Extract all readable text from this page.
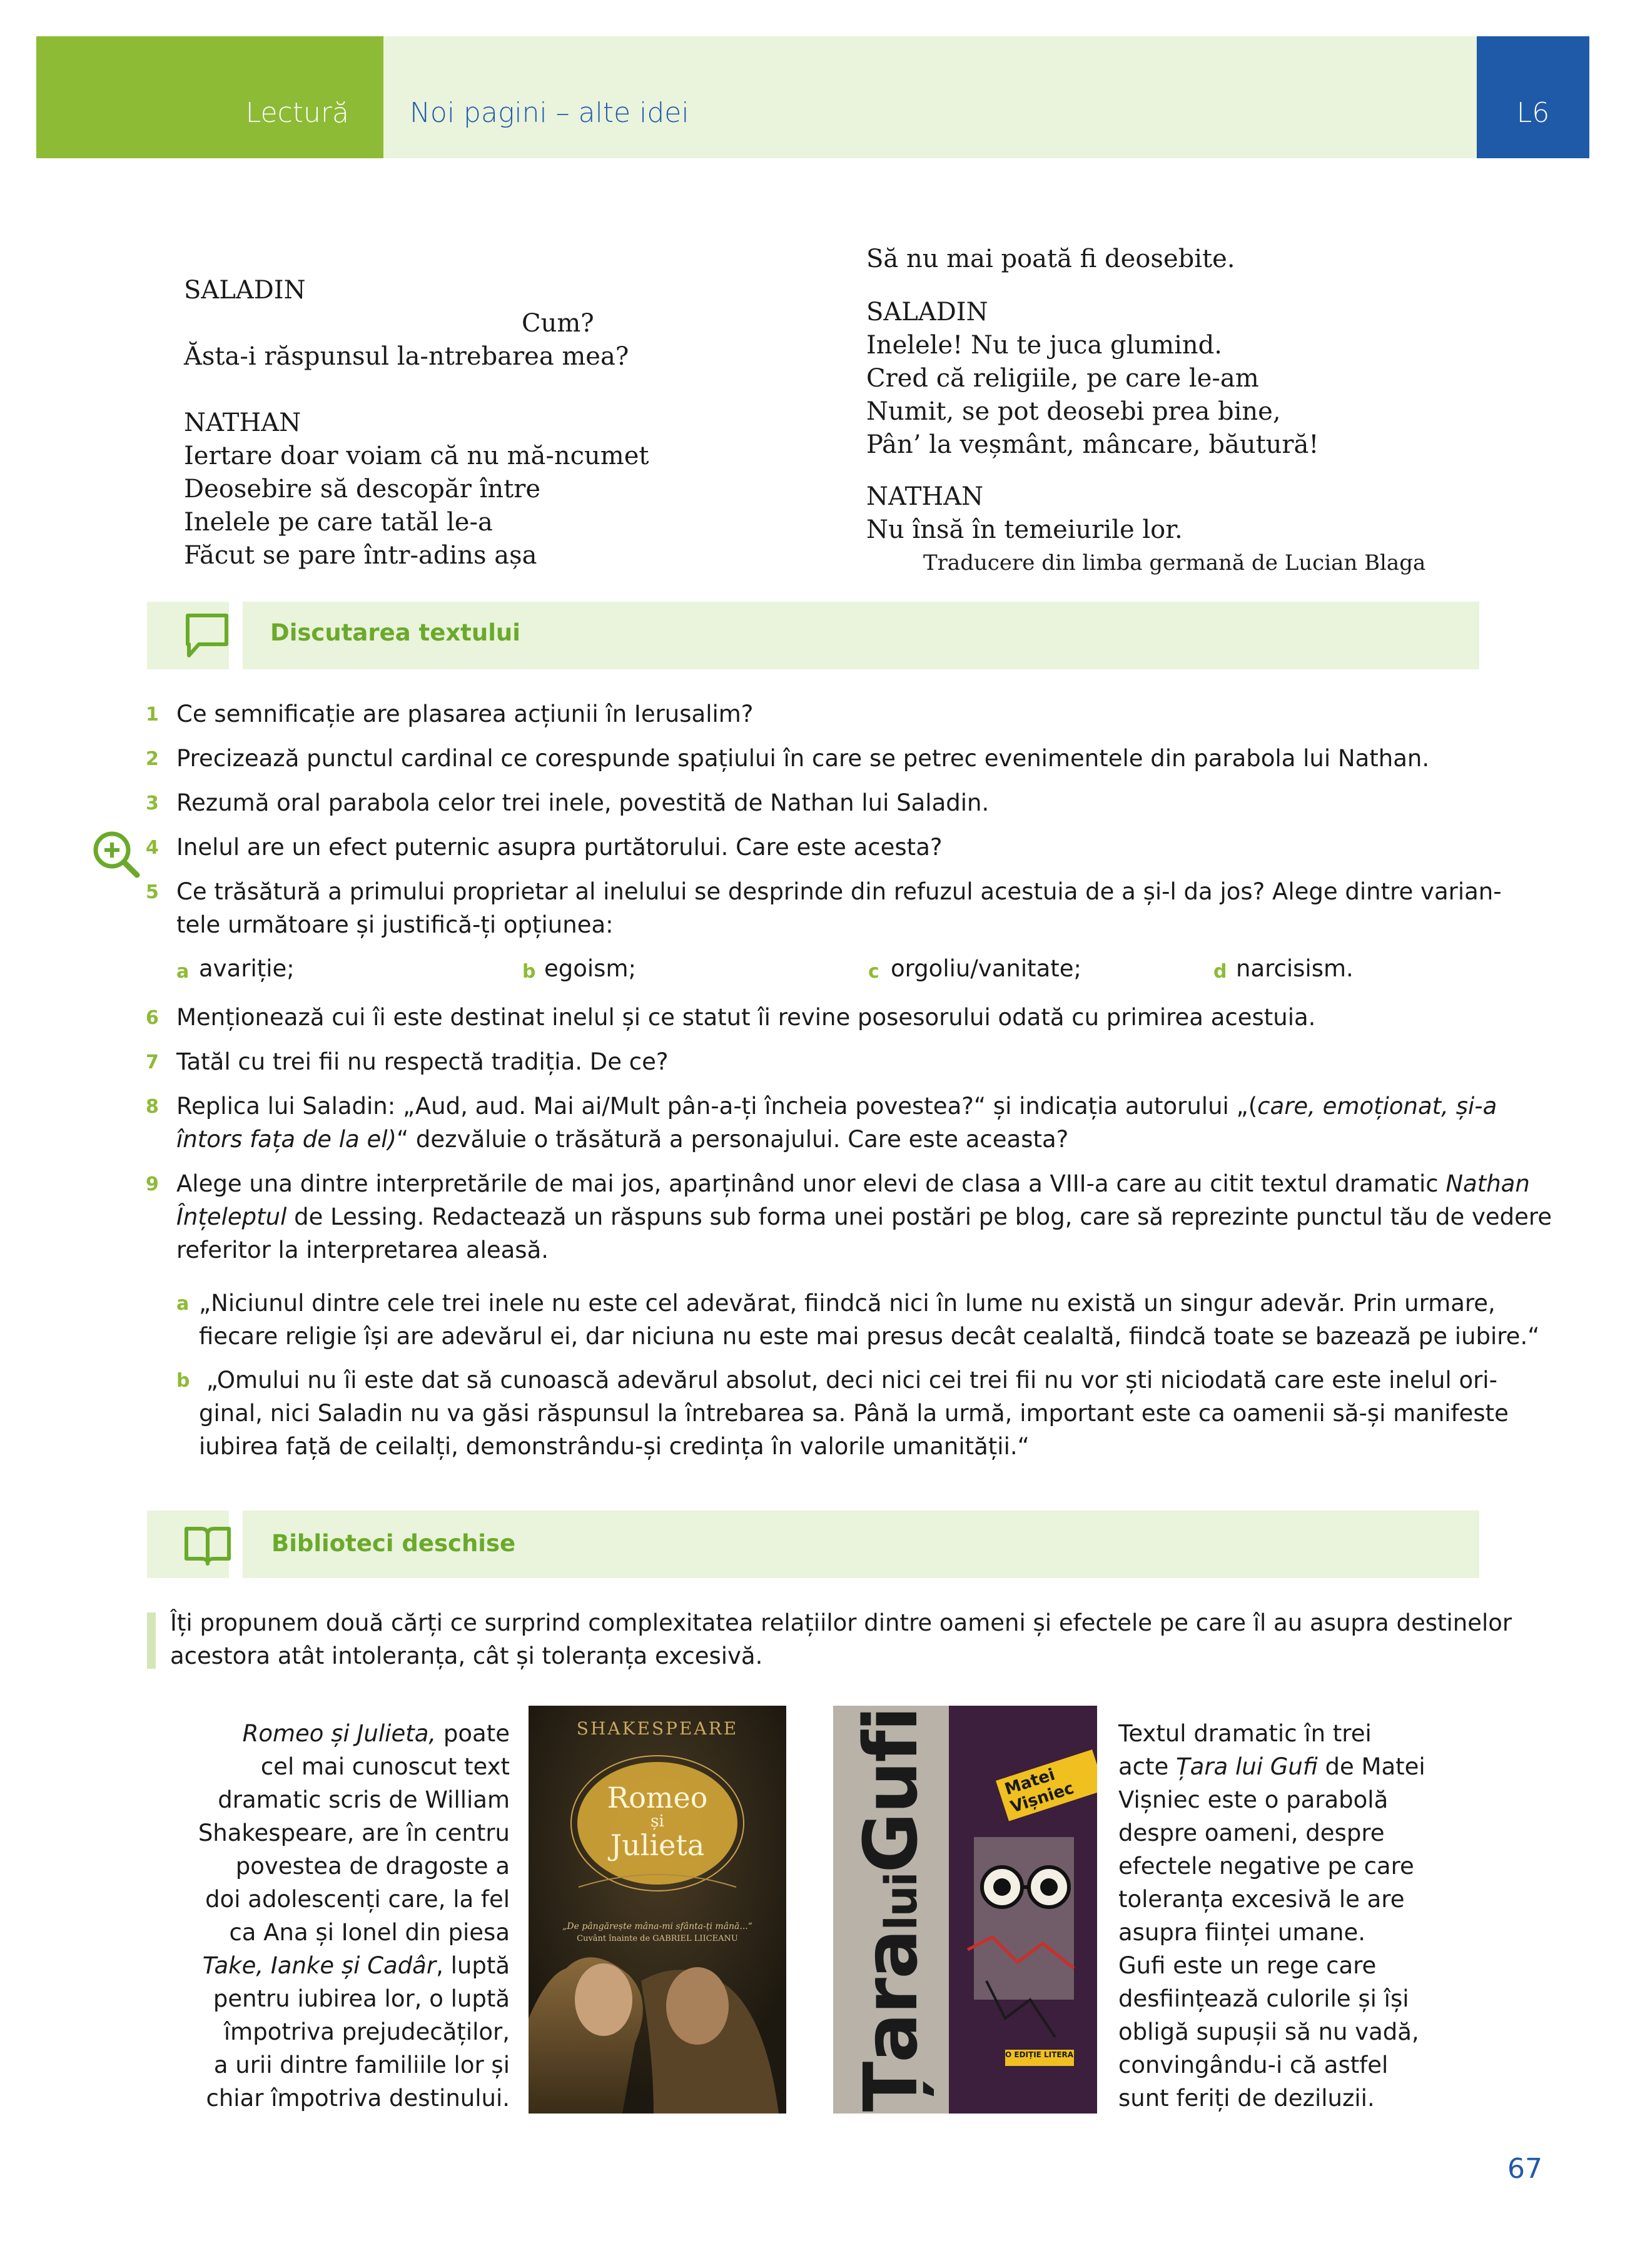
Lectură Noi pagini – alte idei	L6
SALADIN
Cum?
Ăsta-i răspunsul la-ntrebarea mea?
NATHAN
Iertare doar voiam că nu mă-ncumet
Deosebire să descopăr între
Inelele pe care tatăl le-a
Făcut se pare într-adins așa
Să nu mai poată fi deosebite.
SALADIN
Inelele! Nu te juca glumind.
Cred că religiile, pe care le-am
Numit, se pot deosebi prea bine,
Pân’ la veșmânt, mâncare, băutură!
NATHAN
Nu însă în temeiurile lor.
Traducere din limba germană de Lucian Blaga
Discutarea textului
1 Ce semnificație are plasarea acțiunii în Ierusalim?
2 Precizează punctul cardinal ce corespunde spațiului în care se petrec evenimentele din parabola lui Nathan.
3 Rezumă oral parabola celor trei inele, povestită de Nathan lui Saladin.
4 Inelul are un efect puternic asupra purtătorului. Care este acesta?
5 Ce trăsătură a primului proprietar al inelului se desprinde din refuzul acestuia de a și-l da jos? Alege dintre varian-
tele următoare și justifică-ți opțiunea:
a avariție;	b egoism;	c orgoliu/vanitate;	d narcisism.
6 Menționează cui îi este destinat inelul și ce statut îi revine posesorului odată cu primirea acestuia.
7 Tatăl cu trei fii nu respectă tradiția. De ce?
8 Replica lui Saladin: „Aud, aud. Mai ai/Mult pân-a-ți încheia povestea?“ și indicația autorului „(care, emoționat, și-a
întors fața de la el)“ dezvăluie o trăsătură a personajului. Care este aceasta?
9 Alege una dintre interpretările de mai jos, aparținând unor elevi de clasa a VIII-a care au citit textul dramatic Nathan
Înțeleptul de Lessing. Redactează un răspuns sub forma unei postări pe blog, care să reprezinte punctul tău de vedere
referitor la interpretarea aleasă.
a „Niciunul dintre cele trei inele nu este cel adevărat, fiindcă nici în lume nu există un singur adevăr. Prin urmare,
fiecare religie își are adevărul ei, dar niciuna nu este mai presus decât cealaltă, fiindcă toate se bazează pe iubire.“
b „Omului nu îi este dat să cunoască adevărul absolut, deci nici cei trei fii nu vor ști niciodată care este inelul ori-
ginal, nici Saladin nu va găsi răspunsul la întrebarea sa. Până la urmă, important este ca oamenii să-și manifeste
iubirea față de ceilalți, demonstrându-și credința în valorile umanității.“
Biblioteci deschise
Îți propunem două cărți ce surprind complexitatea relațiilor dintre oameni și efectele pe care îl au asupra destinelor
acestora atât intoleranța, cât și toleranța excesivă.
Romeo și Julieta, poate
cel mai cunoscut text
dramatic scris de William
Shakespeare, are în centru
povestea de dragoste a
doi adolescenți care, la fel
ca Ana și Ionel din piesa
Take, Ianke și Cadâr, luptă
pentru iubirea lor, o luptă
împotriva prejudecăților,
a urii dintre familiile lor și
chiar împotriva destinului.
SHAKESPEARE
Romeo
și
Julieta
„De pângărește mâna-mi sfânta-ți mână...“
Cuvânt înainte de GABRIEL LIICEANU	ȚaraluiGufi	Matei Vișniec
O EDIȚIE LITERA
Textul dramatic în trei
acte Țara lui Gufi de Matei
Vișniec este o parabolă
despre oameni, despre
efectele negative pe care
toleranța excesivă le are
asupra ființei umane.
Gufi este un rege care
desființează culorile și își
obligă supușii să nu vadă,
convingându-i că astfel
sunt feriți de deziluzii.
67
